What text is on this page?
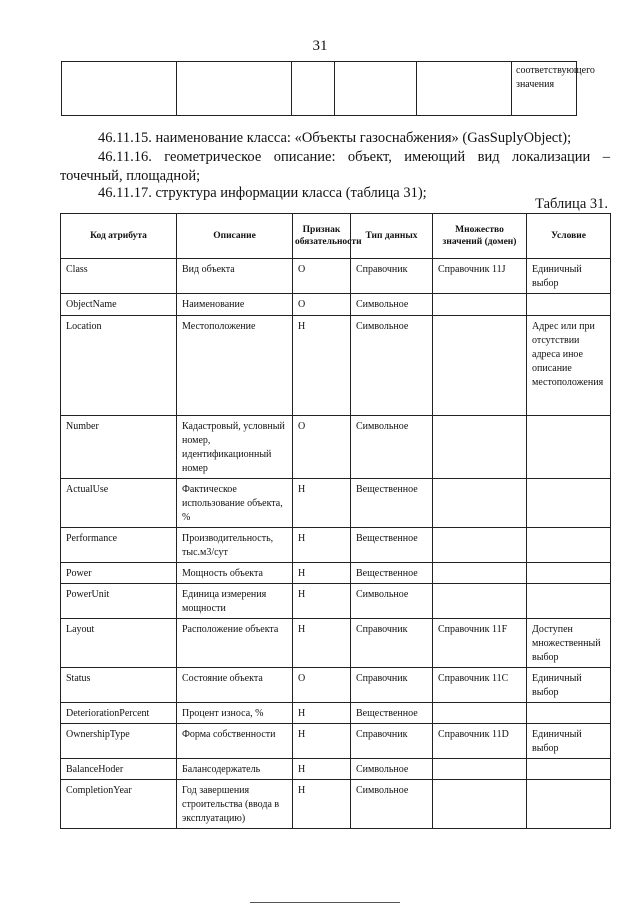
31
					соответствующего значения
46.11.15. наименование класса: «Объекты газоснабжения» (GasSuplyObject);
46.11.16. геометрическое описание: объект, имеющий вид локализации –
точечный, площадной;
46.11.17. структура информации класса (таблица 31);
Таблица 31.
Код атрибута	Описание	Признак обязательности	Тип данных	Множество значений (домен)	Условие
Class	Вид объекта	О	Справочник	Справочник 11J	Единичный выбор
ObjectName	Наименование	О	Символьное		
Location	Местоположение	Н	Символьное		Адрес или при отсутствии адреса иное описание местоположения
Number	Кадастровый, условный номер, идентификационный номер	О	Символьное		
ActualUse	Фактическое использование объекта, %	Н	Вещественное		
Performance	Производительность, тыс.м3/сут	Н	Вещественное		
Power	Мощность объекта	Н	Вещественное		
PowerUnit	Единица измерения мощности	Н	Символьное		
Layout	Расположение объекта	Н	Справочник	Справочник 11F	Доступен множественный выбор
Status	Состояние объекта	О	Справочник	Справочник 11С	Единичный выбор
DeteriorationPercent	Процент износа, %	Н	Вещественное		
OwnershipType	Форма собственности	Н	Справочник	Справочник 11D	Единичный выбор
BalanceHoder	Балансодержатель	Н	Символьное		
CompletionYear	Год завершения строительства (ввода в эксплуатацию)	Н	Символьное		
